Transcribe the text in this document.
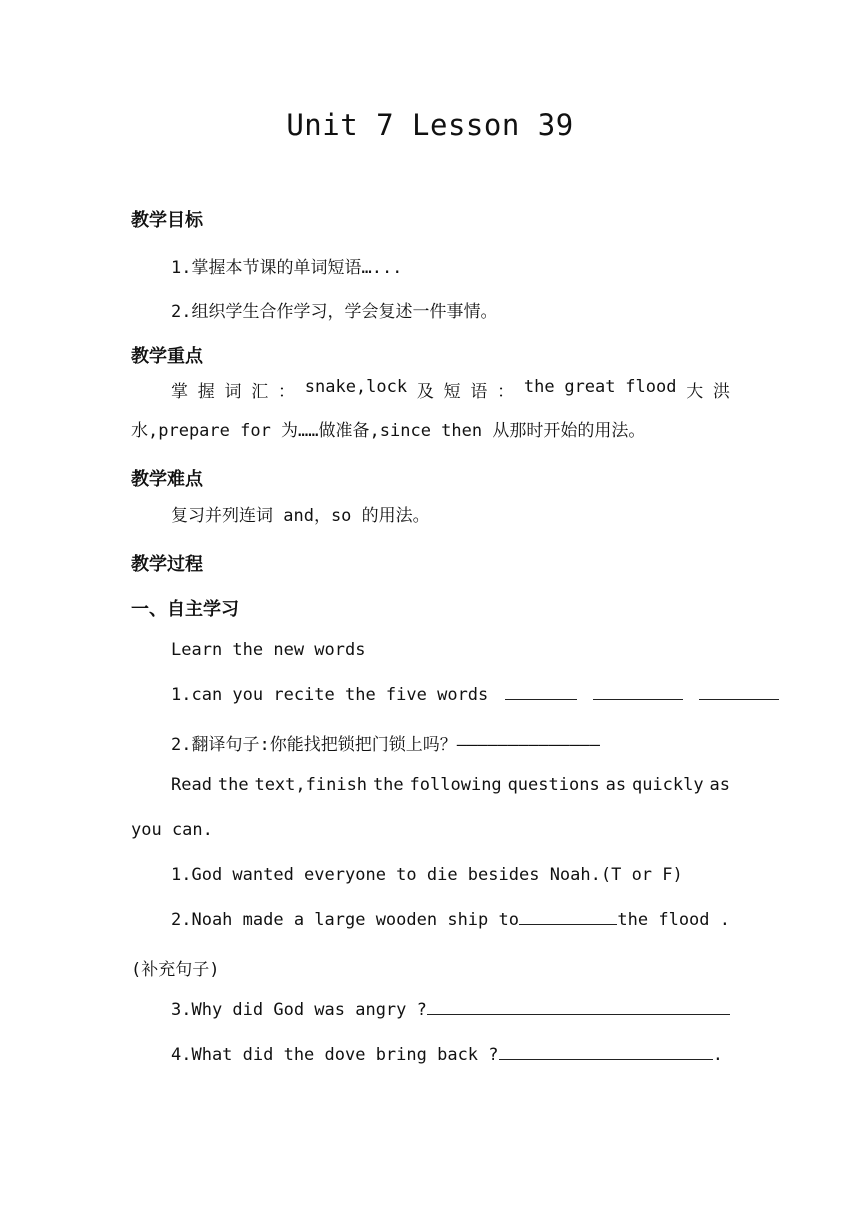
Unit 7 Lesson 39
教学目标
1.掌握本节课的单词短语…...
2.组织学生合作学习，学会复述一件事情。
教学重点
掌 握 词 汇 ： snake,lock 及 短 语 ： the great flood 大 洪
水,prepare for 为……做准备,since then 从那时开始的用法。
教学难点
复习并列连词 and，so 的用法。
教学过程
一、自主学习
Learn the new words
1.can you recite the five words
2.翻译句子:你能找把锁把门锁上吗？——————————————
Read the text,finish the following questions as quickly as
you can.
1.God wanted everyone to die besides Noah.(T or F)
2.Noah made a large wooden ship to	the flood .
(补充句子)
3.Why did God was angry ?
4.What did the dove bring back ?	.
